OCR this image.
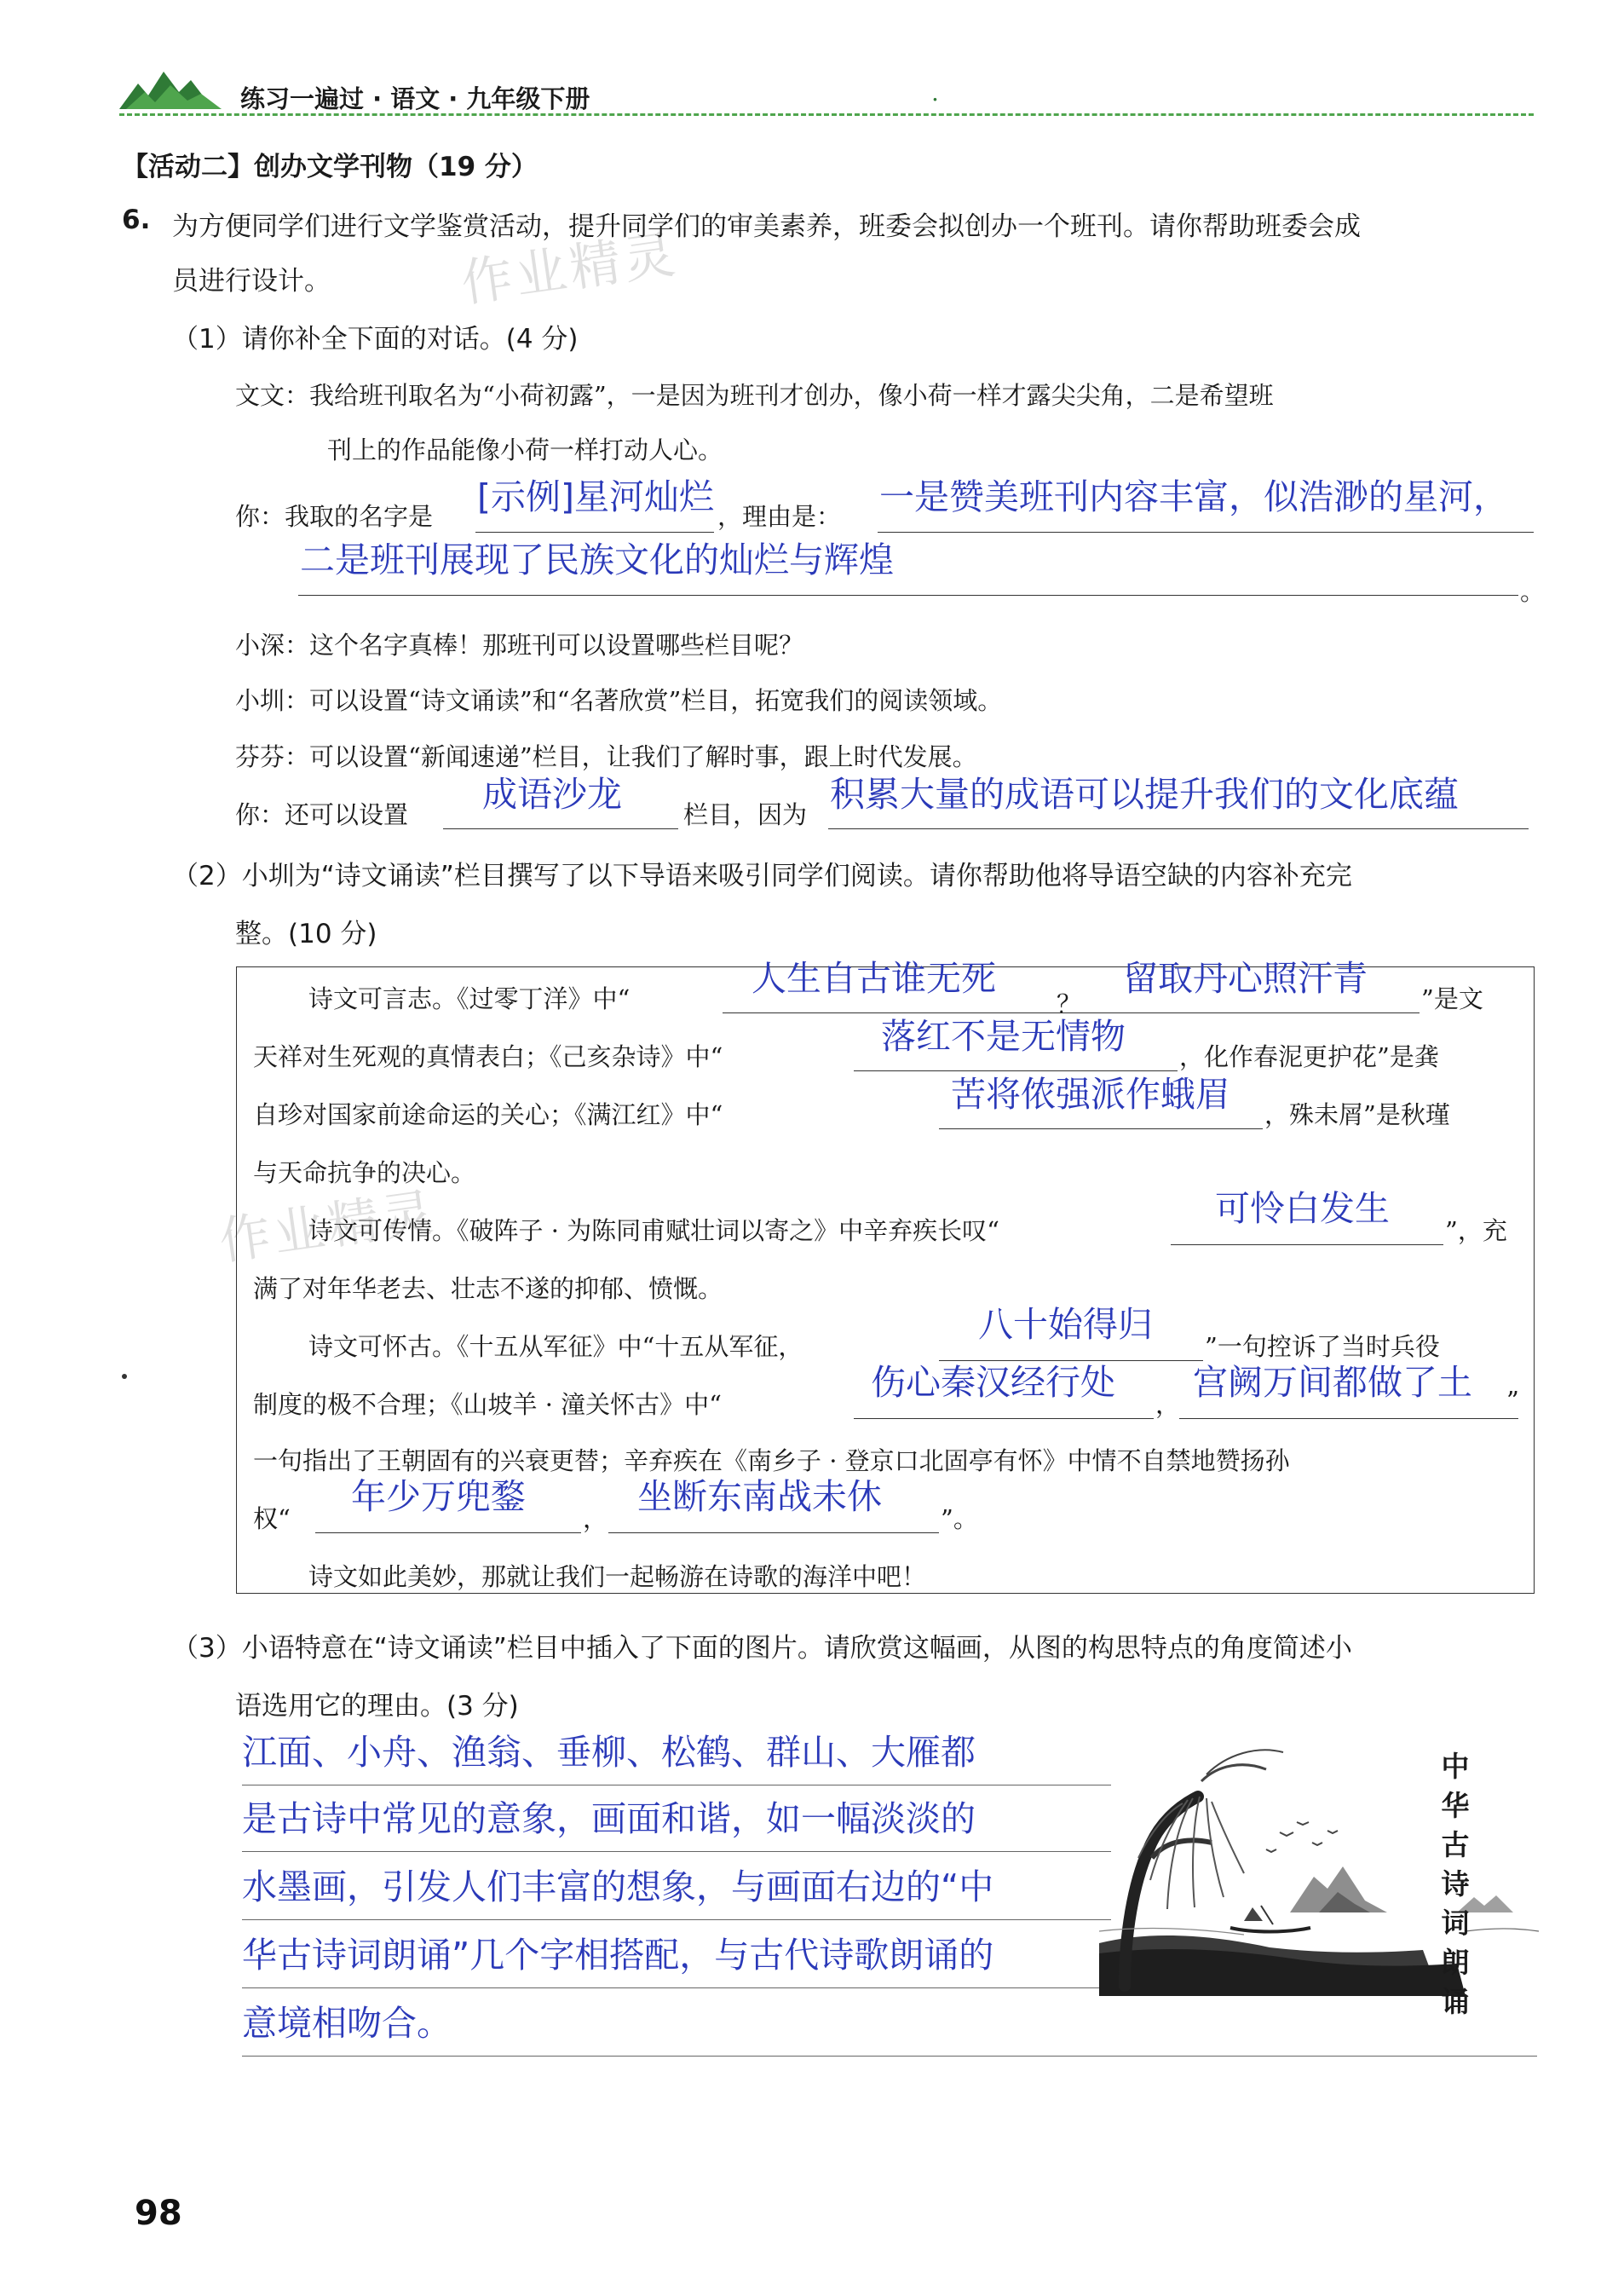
练习一遍过 · 语文 · 九年级下册	.
作业精灵
作业精灵
【活动二】创办文学刊物（19 分）
6. 为方便同学们进行文学鉴赏活动，提升同学们的审美素养，班委会拟创办一个班刊。请你帮助班委会成
员进行设计。
（1）请你补全下面的对话。(4 分)
文文：我给班刊取名为“小荷初露”，一是因为班刊才创办，像小荷一样才露尖尖角，二是希望班
刊上的作品能像小荷一样打动人心。
你：我取的名字是 [示例]星河灿烂 ，理由是： 一是赞美班刊内容丰富，似浩渺的星河，
二是班刊展现了民族文化的灿烂与辉煌
。
小深：这个名字真棒！那班刊可以设置哪些栏目呢？
小圳：可以设置“诗文诵读”和“名著欣赏”栏目，拓宽我们的阅读领域。
芬芬：可以设置“新闻速递”栏目，让我们了解时事，跟上时代发展。
你：还可以设置 成语沙龙 栏目，因为 积累大量的成语可以提升我们的文化底蕴
（2）小圳为“诗文诵读”栏目撰写了以下导语来吸引同学们阅读。请你帮助他将导语空缺的内容补充完
整。(10 分)
诗文可言志。《过零丁洋》中“	人生自古谁无死
？
留取丹心照汗青 ”是文
天祥对生死观的真情表白；《己亥杂诗》中“	落红不是无情物 ，化作春泥更护花”是龚
自珍对国家前途命运的关心；《满江红》中“	苦将侬强派作蛾眉 ，殊未屑”是秋瑾
与天命抗争的决心。
诗文可传情。《破阵子 · 为陈同甫赋壮词以寄之》中辛弃疾长叹“
可怜白发生
”，充
满了对年华老去、壮志不遂的抑郁、愤慨。
诗文可怀古。《十五从军征》中“十五从军征，
八十始得归
”一句控诉了当时兵役
制度的极不合理；《山坡羊 · 潼关怀古》中“
伤心秦汉经行处
，
宫阙万间都做了土 ”
一句指出了王朝固有的兴衰更替；辛弃疾在《南乡子 · 登京口北固亭有怀》中情不自禁地赞扬孙
权“
年少万兜鍪
，
坐断东南战未休
”。
诗文如此美妙，那就让我们一起畅游在诗歌的海洋中吧！
（3）小语特意在“诗文诵读”栏目中插入了下面的图片。请欣赏这幅画，从图的构思特点的角度简述小
语选用它的理由。(3 分)
江面、小舟、渔翁、垂柳、松鹤、群山、大雁都
是古诗中常见的意象，画面和谐，如一幅淡淡的
水墨画，引发人们丰富的想象，与画面右边的“中
华古诗词朗诵”几个字相搭配，与古代诗歌朗诵的
意境相吻合。
中
华
古
诗
词
朗
诵
98
